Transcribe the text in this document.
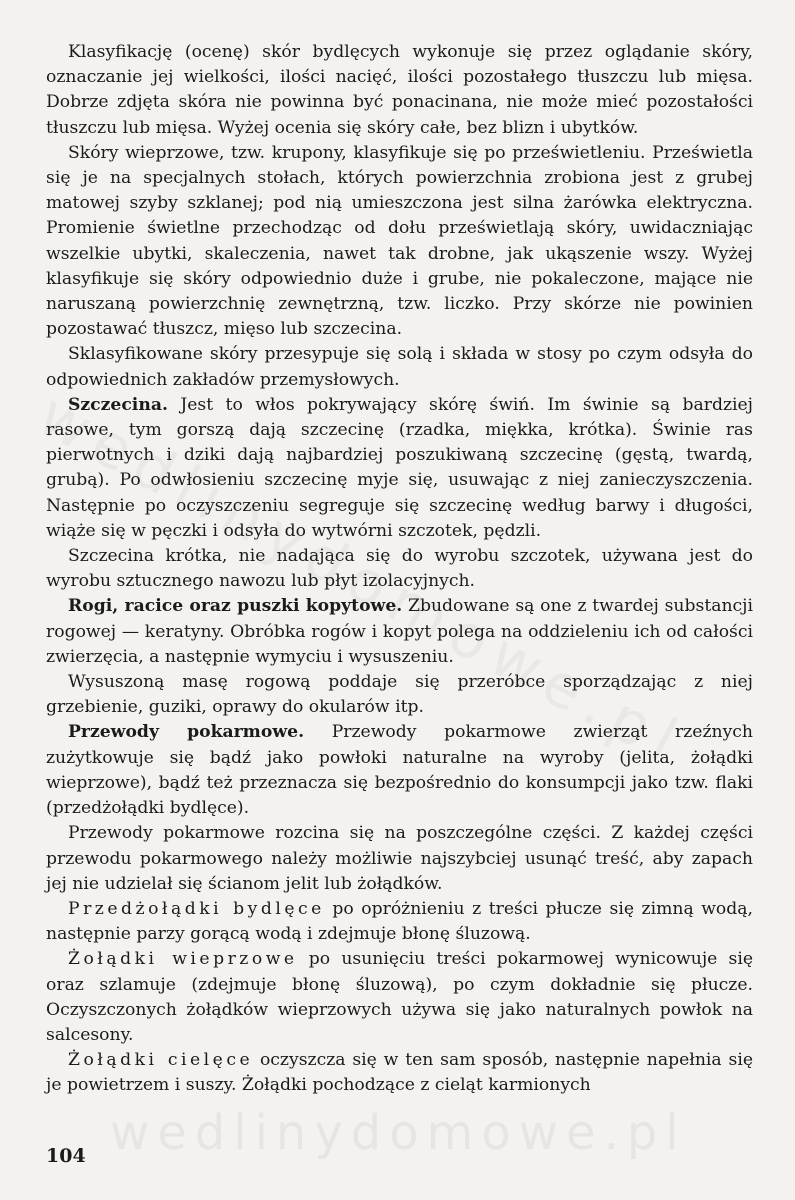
Klasyfikację (ocenę) skór bydlęcych wykonuje się przez oglądanie skóry, oznaczanie jej wielkości, ilości nacięć, ilości pozostałego tłuszczu lub mięsa. Dobrze zdjęta skóra nie powinna być ponacinana, nie może mieć pozostałości tłuszczu lub mięsa. Wyżej ocenia się skóry całe, bez blizn i ubytków.

Skóry wieprzowe, tzw. krupony, klasyfikuje się po prześwietleniu. Prześwietla się je na specjalnych stołach, których powierzchnia zrobiona jest z grubej matowej szyby szklanej; pod nią umieszczona jest silna żarówka elektryczna. Promienie świetlne przechodząc od dołu prześwietlają skóry, uwidaczniając wszelkie ubytki, skaleczenia, nawet tak drobne, jak ukąszenie wszy. Wyżej klasyfikuje się skóry odpowiednio duże i grube, nie pokaleczone, mające nie naruszaną powierzchnię zewnętrzną, tzw. liczko. Przy skórze nie powinien pozostawać tłuszcz, mięso lub szczecina.

Sklasyfikowane skóry przesypuje się solą i składa w stosy po czym odsyła do odpowiednich zakładów przemysłowych.

Szczecina. Jest to włos pokrywający skórę świń. Im świnie są bardziej rasowe, tym gorszą dają szczecinę (rzadka, miękka, krótka). Świnie ras pierwotnych i dziki dają najbardziej poszukiwaną szczecinę (gęstą, twardą, grubą). Po odwłosieniu szczecinę myje się, usuwając z niej zanieczyszczenia. Następnie po oczyszczeniu segreguje się szczecinę według barwy i długości, wiąże się w pęczki i odsyła do wytwórni szczotek, pędzli.

Szczecina krótka, nie nadająca się do wyrobu szczotek, używana jest do wyrobu sztucznego nawozu lub płyt izolacyjnych.

Rogi, racice oraz puszki kopytowe. Zbudowane są one z twardej substancji rogowej — keratyny. Obróbka rogów i kopyt polega na oddzieleniu ich od całości zwierzęcia, a następnie wymyciu i wysuszeniu.

Wysuszoną masę rogową poddaje się przeróbce sporządzając z niej grzebienie, guziki, oprawy do okularów itp.

Przewody pokarmowe. Przewody pokarmowe zwierząt rzeźnych zużytkowuje się bądź jako powłoki naturalne na wyroby (jelita, żołądki wieprzowe), bądź też przeznacza się bezpośrednio do konsumpcji jako tzw. flaki (przedżołądki bydlęce).

Przewody pokarmowe rozcina się na poszczególne części. Z każdej części przewodu pokarmowego należy możliwie najszybciej usunąć treść, aby zapach jej nie udzielał się ścianom jelit lub żołądków.

Przedżołądki bydlęce po opróżnieniu z treści płucze się zimną wodą, następnie parzy gorącą wodą i zdejmuje błonę śluzową.

Żołądki wieprzowe po usunięciu treści pokarmowej wynicowuje się oraz szlamuje (zdejmuje błonę śluzową), po czym dokładnie się płucze. Oczyszczonych żołądków wieprzowych używa się jako naturalnych powłok na salcesony.

Żołądki cielęce oczyszcza się w ten sam sposób, następnie napełnia się je powietrzem i suszy. Żołądki pochodzące z cieląt karmionych

wedlinydomowe.pl
104
